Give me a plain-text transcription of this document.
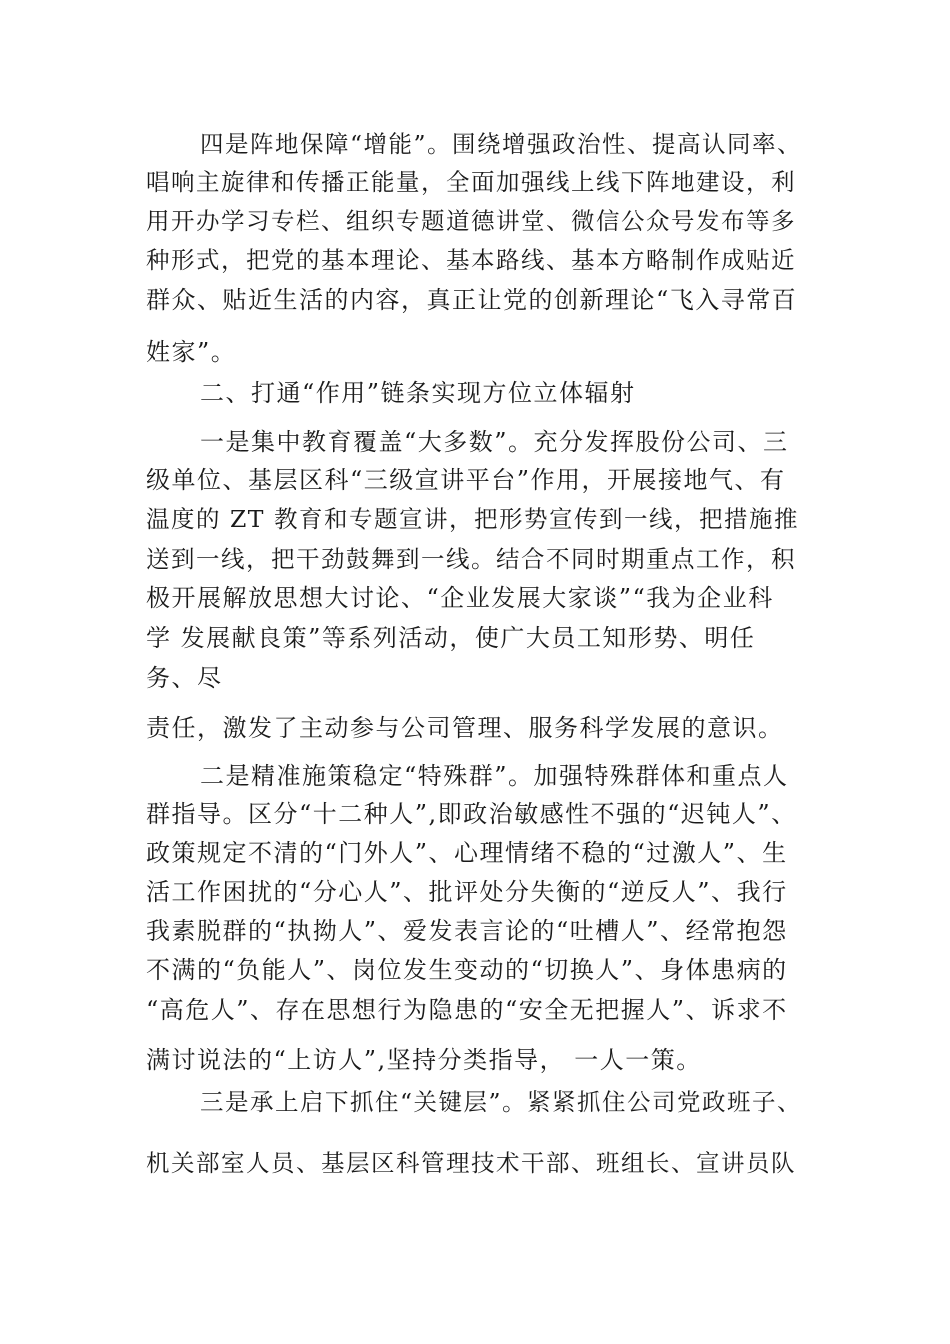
四是阵地保障“增能”。围绕增强政治性、提高认同率、
唱响主旋律和传播正能量，全面加强线上线下阵地建设，利
用开办学习专栏、组织专题道德讲堂、微信公众号发布等多
种形式，把党的基本理论、基本路线、基本方略制作成贴近
群众、贴近生活的内容，真正让党的创新理论“飞入寻常百
姓家”。
二、打通“作用”链条实现方位立体辐射
一是集中教育覆盖“大多数”。充分发挥股份公司、三
级单位、基层区科“三级宣讲平台”作用，开展接地气、有
温度的 ZT 教育和专题宣讲，把形势宣传到一线，把措施推
送到一线，把干劲鼓舞到一线。结合不同时期重点工作，积
极开展解放思想大讨论、“企业发展大家谈”“我为企业科
学 发展献良策”等系列活动，使广大员工知形势、明任
务、尽
责任，激发了主动参与公司管理、服务科学发展的意识。
二是精准施策稳定“特殊群”。加强特殊群体和重点人
群指导。区分“十二种人”,即政治敏感性不强的“迟钝人”、
政策规定不清的“门外人”、心理情绪不稳的“过激人”、生
活工作困扰的“分心人”、批评处分失衡的“逆反人”、我行
我素脱群的“执拗人”、爱发表言论的“吐槽人”、经常抱怨
不满的“负能人”、岗位发生变动的“切换人”、身体患病的
“高危人”、存在思想行为隐患的“安全无把握人”、诉求不
满讨说法的“上访人”,坚持分类指导， 一人一策。
三是承上启下抓住“关键层”。紧紧抓住公司党政班子、
机关部室人员、基层区科管理技术干部、班组长、宣讲员队
